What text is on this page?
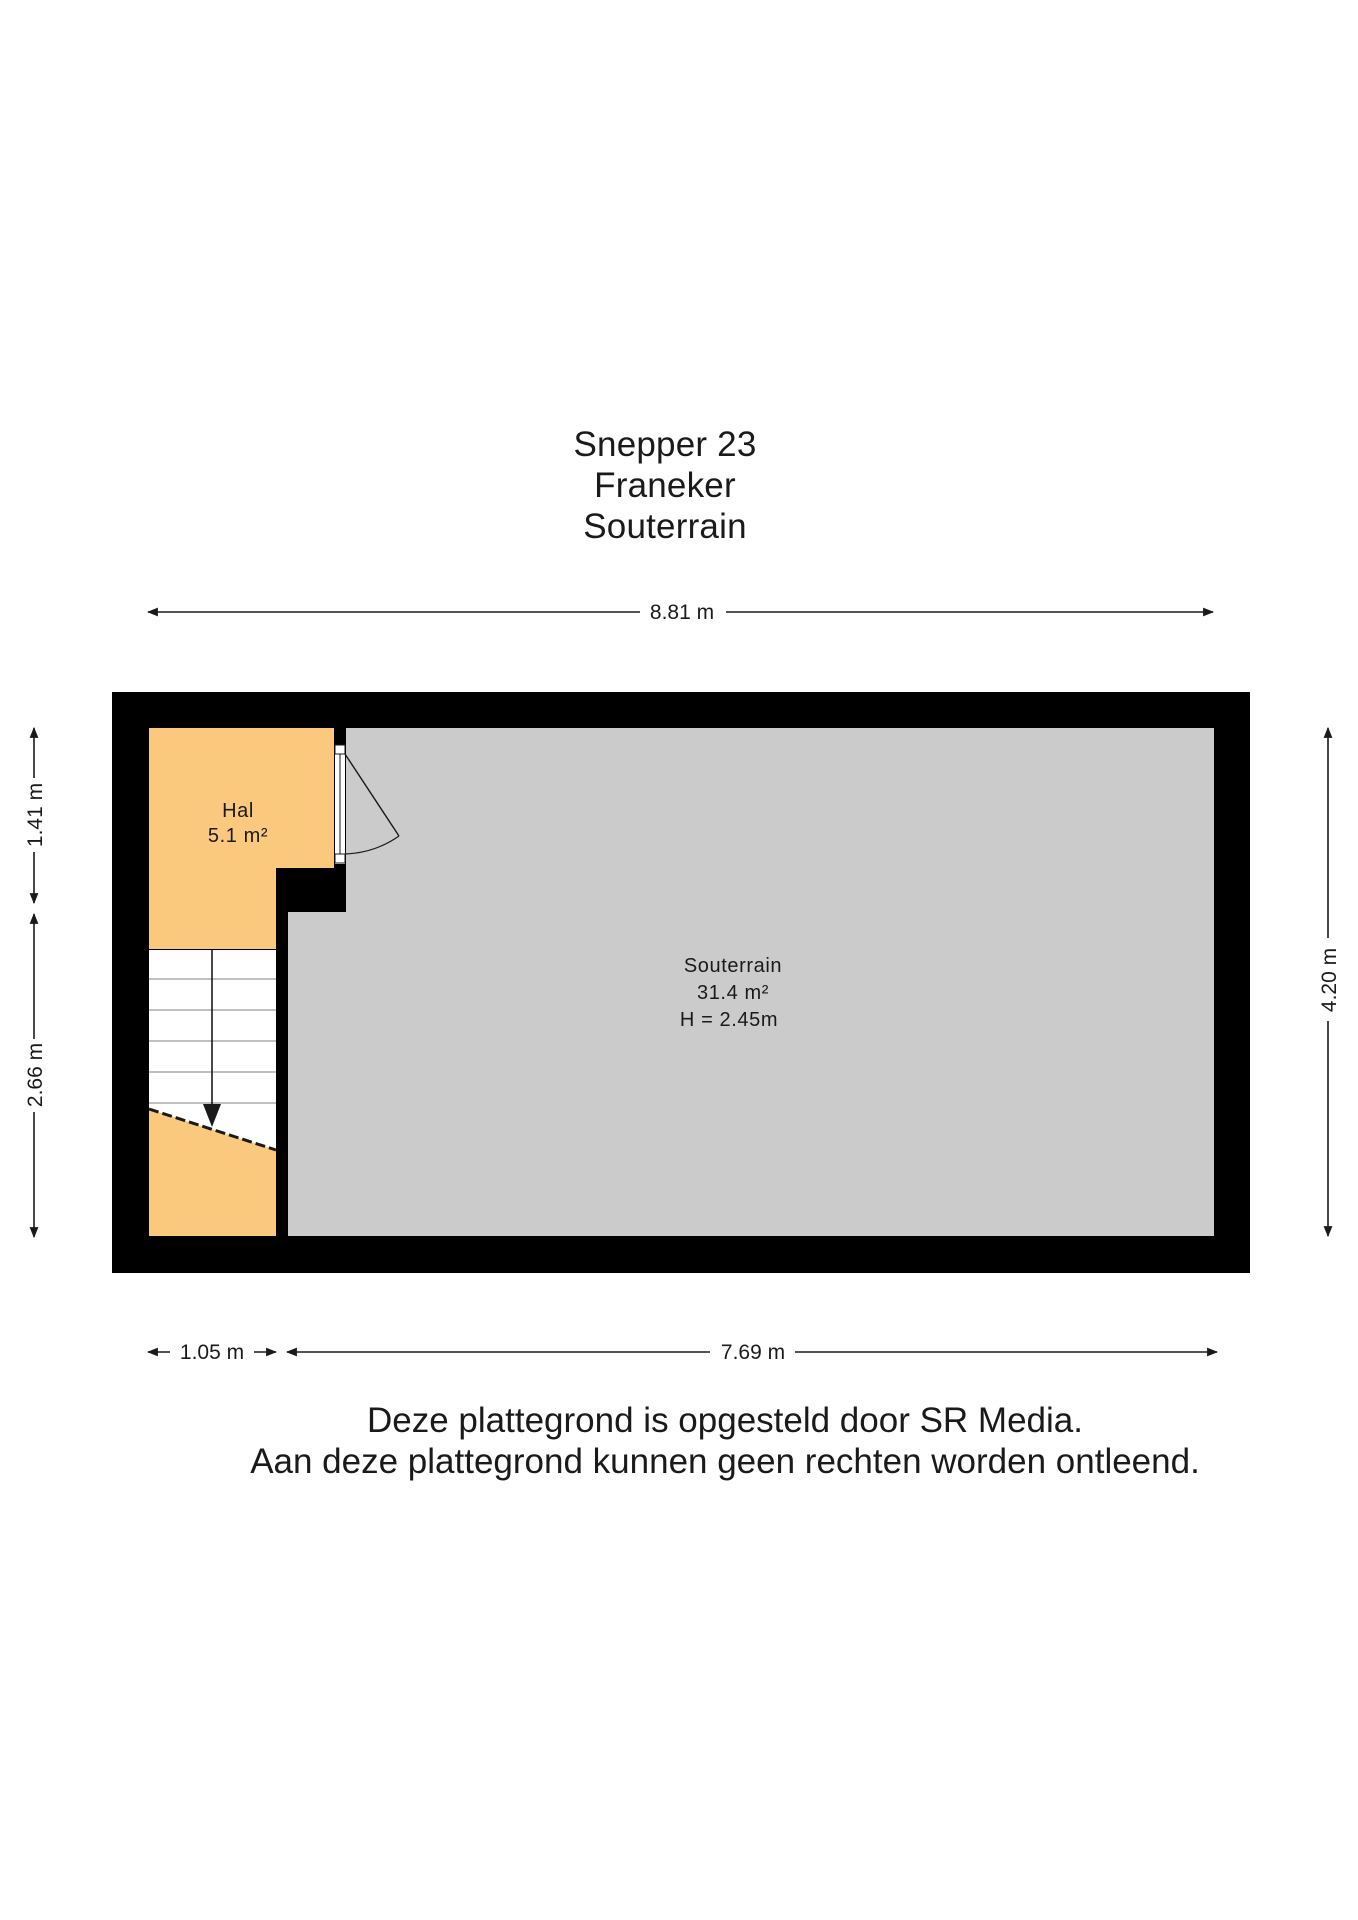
Snepper 23
Franeker
Souterrain
8.81 m
Hal
5.1 m²
Souterrain
31.4 m²
H = 2.45m
1.41 m
2.66 m
4.20 m
1.05 m	7.69 m
Deze plattegrond is opgesteld door SR Media.
Aan deze plattegrond kunnen geen rechten worden ontleend.
